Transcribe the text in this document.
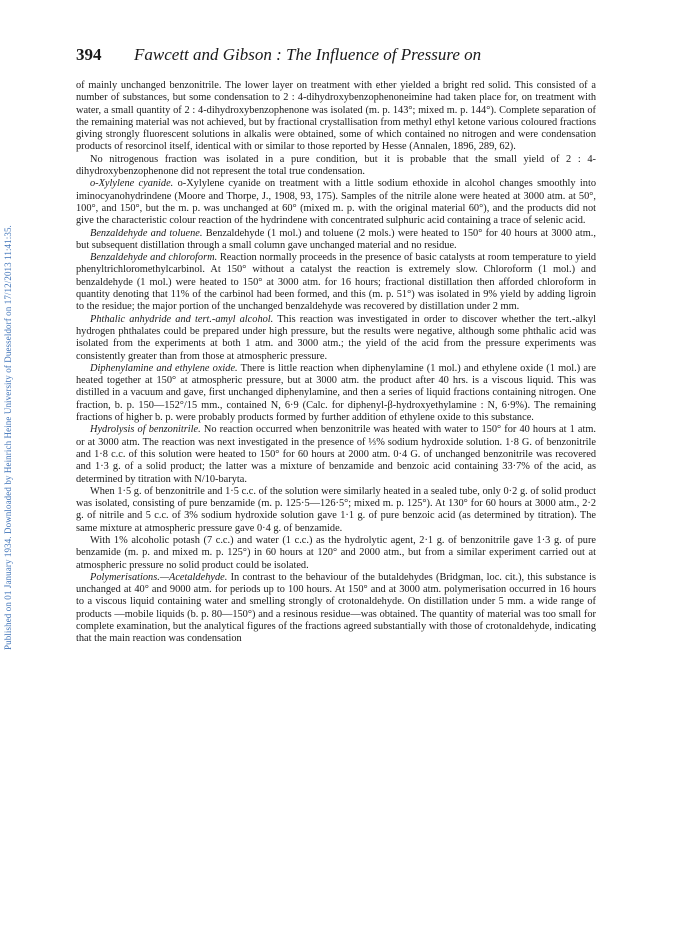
Published on 01 January 1934. Downloaded by Heinrich Heine University of Duesseldorf on 17/12/2013 11:41:35.
394 Fawcett and Gibson : The Influence of Pressure on

of mainly unchanged benzonitrile. The lower layer on treatment with ether yielded a bright red solid. This consisted of a number of substances, but some condensation to 2 : 4-dihydroxybenzophenoneimine had taken place for, on treatment with water, a small quantity of 2 : 4-dihydroxybenzophenone was isolated (m. p. 143°; mixed m. p. 144°). Complete separation of the remaining material was not achieved, but by fractional crystallisation from methyl ethyl ketone various coloured fractions giving strongly fluorescent solutions in alkalis were obtained, some of which contained no nitrogen and were condensation products of resorcinol itself, identical with or similar to those reported by Hesse (Annalen, 1896, 289, 62).

No nitrogenous fraction was isolated in a pure condition, but it is probable that the small yield of 2 : 4-dihydroxybenzophenone did not represent the total true condensation.

o-Xylylene cyanide. o-Xylylene cyanide on treatment with a little sodium ethoxide in alcohol changes smoothly into iminocyanohydrindene (Moore and Thorpe, J., 1908, 93, 175). Samples of the nitrile alone were heated at 3000 atm. at 50°, 100°, and 150°, but the m. p. was unchanged at 60° (mixed m. p. with the original material 60°), and the products did not give the characteristic colour reaction of the hydrindene with concentrated sulphuric acid containing a trace of selenic acid.

Benzaldehyde and toluene. Benzaldehyde (1 mol.) and toluene (2 mols.) were heated to 150° for 40 hours at 3000 atm., but subsequent distillation through a small column gave unchanged material and no residue.

Benzaldehyde and chloroform. Reaction normally proceeds in the presence of basic catalysts at room temperature to yield phenyltrichloromethylcarbinol. At 150° without a catalyst the reaction is extremely slow. Chloroform (1 mol.) and benzaldehyde (1 mol.) were heated to 150° at 3000 atm. for 16 hours; fractional distillation then afforded chloroform in quantity denoting that 11% of the carbinol had been formed, and this (m. p. 51°) was isolated in 9% yield by adding ligroin to the residue; the major portion of the unchanged benzaldehyde was recovered by distillation under 2 mm.

Phthalic anhydride and tert.-amyl alcohol. This reaction was investigated in order to discover whether the tert.-alkyl hydrogen phthalates could be prepared under high pressure, but the results were negative, although some phthalic acid was isolated from the experiments at both 1 atm. and 3000 atm.; the yield of the acid from the pressure experiments was consistently greater than from those at atmospheric pressure.

Diphenylamine and ethylene oxide. There is little reaction when diphenylamine (1 mol.) and ethylene oxide (1 mol.) are heated together at 150° at atmospheric pressure, but at 3000 atm. the product after 40 hrs. is a viscous liquid. This was distilled in a vacuum and gave, first unchanged diphenylamine, and then a series of liquid fractions containing nitrogen. One fraction, b. p. 150—152°/15 mm., contained N, 6·9 (Calc. for diphenyl-β-hydroxyethylamine : N, 6·9%). The remaining fractions of higher b. p. were probably products formed by further addition of ethylene oxide to this substance.

Hydrolysis of benzonitrile. No reaction occurred when benzonitrile was heated with water to 150° for 40 hours at 1 atm. or at 3000 atm. The reaction was next investigated in the presence of ⅓% sodium hydroxide solution. 1·8 G. of benzonitrile and 1·8 c.c. of this solution were heated to 150° for 60 hours at 2000 atm. 0·4 G. of unchanged benzonitrile was recovered and 1·3 g. of a solid product; the latter was a mixture of benzamide and benzoic acid containing 33·7% of the acid, as determined by titration with N/10-baryta.

When 1·5 g. of benzonitrile and 1·5 c.c. of the solution were similarly heated in a sealed tube, only 0·2 g. of solid product was isolated, consisting of pure benzamide (m. p. 125·5—126·5°; mixed m. p. 125°). At 130° for 60 hours at 3000 atm., 2·2 g. of nitrile and 5 c.c. of 3% sodium hydroxide solution gave 1·1 g. of pure benzoic acid (as determined by titration). The same mixture at atmospheric pressure gave 0·4 g. of benzamide.

With 1% alcoholic potash (7 c.c.) and water (1 c.c.) as the hydrolytic agent, 2·1 g. of benzonitrile gave 1·3 g. of pure benzamide (m. p. and mixed m. p. 125°) in 60 hours at 120° and 2000 atm., but from a similar experiment carried out at atmospheric pressure no solid product could be isolated.

Polymerisations.—Acetaldehyde. In contrast to the behaviour of the butaldehydes (Bridgman, loc. cit.), this substance is unchanged at 40° and 9000 atm. for periods up to 100 hours. At 150° and at 3000 atm. polymerisation occurred in 16 hours to a viscous liquid containing water and smelling strongly of crotonaldehyde. On distillation under 5 mm. a wide range of products —mobile liquids (b. p. 80—150°) and a resinous residue—was obtained. The quantity of material was too small for complete examination, but the analytical figures of the fractions agreed substantially with those of crotonaldehyde, indicating that the main reaction was condensation
